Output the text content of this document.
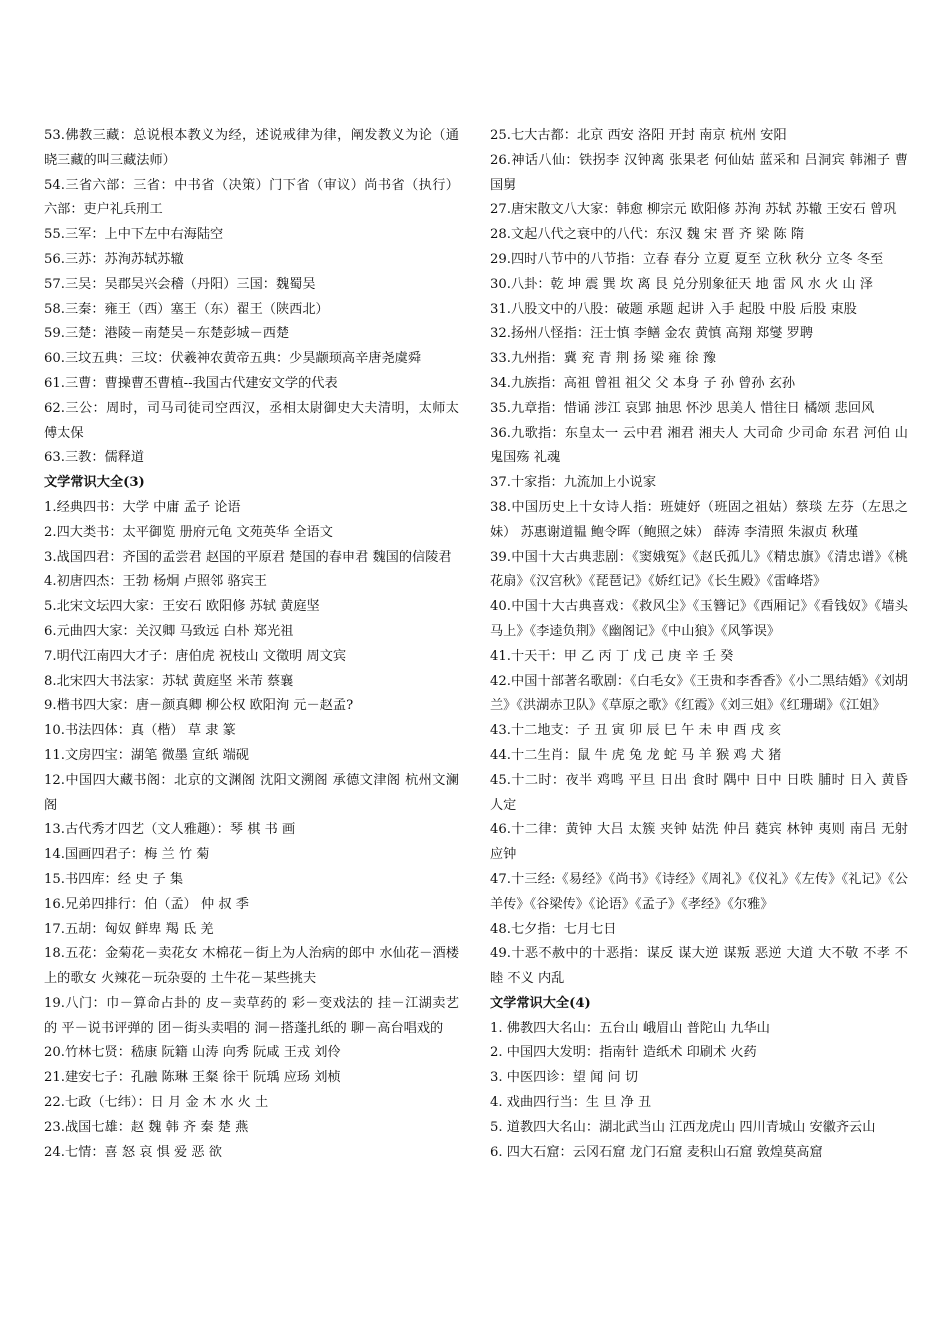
53.佛教三藏：总说根本教义为经，述说戒律为律，阐发教义为论（通晓三藏的叫三藏法师）

54.三省六部：三省：中书省（决策）门下省（审议）尚书省（执行）六部：吏户礼兵刑工

55.三军：上中下左中右海陆空

56.三苏：苏洵苏轼苏辙

57.三吴：吴郡吴兴会稽（丹阳）三国：魏蜀吴

58.三秦：雍王（西）塞王（东）翟王（陕西北）

59.三楚：港陵－南楚吴－东楚彭城－西楚

60.三坟五典：三坟：伏羲神农黄帝五典：少昊颛顼高辛唐尧虞舜

61.三曹：曹操曹丕曹植--我国古代建安文学的代表

62.三公：周时，司马司徒司空西汉，丞相太尉御史大夫清明，太师太傅太保

63.三教：儒释道

文学常识大全(3)

1.经典四书：大学 中庸 孟子 论语

2.四大类书：太平御览 册府元龟 文苑英华 全语文

3.战国四君：齐国的孟尝君 赵国的平原君 楚国的春申君 魏国的信陵君

4.初唐四杰：王勃 杨炯 卢照邻 骆宾王

5.北宋文坛四大家：王安石 欧阳修 苏轼 黄庭坚

6.元曲四大家：关汉卿 马致远 白朴 郑光祖

7.明代江南四大才子：唐伯虎 祝枝山 文徵明 周文宾

8.北宋四大书法家：苏轼 黄庭坚 米芾 蔡襄

9.楷书四大家：唐－颜真卿 柳公权 欧阳洵 元－赵孟?

10.书法四体：真（楷） 草 隶 篆

11.文房四宝：湖笔 微墨 宣纸 端砚

12.中国四大藏书阁：北京的文渊阁 沈阳文溯阁 承德文津阁 杭州文澜阁

13.古代秀才四艺（文人雅趣）：琴 棋 书 画

14.国画四君子：梅 兰 竹 菊

15.书四库：经 史 子 集

16.兄弟四排行：伯（孟） 仲 叔 季

17.五胡：匈奴 鲜卑 羯 氐 羌

18.五花：金菊花－卖花女 木棉花－街上为人治病的郎中 水仙花－酒楼上的歌女 火辣花－玩杂耍的 土牛花－某些挑夫

19.八门：巾－算命占卦的 皮－卖草药的 彩－变戏法的 挂－江湖卖艺的 平－说书评弹的 团－街头卖唱的 洞－搭蓬扎纸的 聊－高台唱戏的

20.竹林七贤：嵇康 阮籍 山涛 向秀 阮咸 王戎 刘伶

21.建安七子：孔融 陈琳 王粲 徐干 阮瑀 应玚 刘桢

22.七政（七纬）：日 月 金 木 水 火 土

23.战国七雄：赵 魏 韩 齐 秦 楚 燕

24.七情：喜 怒 哀 惧 爱 恶 欲

25.七大古都：北京 西安 洛阳 开封 南京 杭州 安阳

26.神话八仙：铁拐李 汉钟离 张果老 何仙姑 蓝采和 吕洞宾 韩湘子 曹国舅

27.唐宋散文八大家：韩愈 柳宗元 欧阳修 苏洵 苏轼 苏辙 王安石 曾巩

28.文起八代之衰中的八代：东汉 魏 宋 晋 齐 梁 陈 隋

29.四时八节中的八节指：立春 春分 立夏 夏至 立秋 秋分 立冬 冬至

30.八卦：乾 坤 震 巽 坎 离 艮 兑分别象征天 地 雷 风 水 火 山 泽

31.八股文中的八股：破题 承题 起讲 入手 起股 中股 后股 束股

32.扬州八怪指：汪士慎 李鳝 金农 黄慎 高翔 郑燮 罗聘

33.九州指：冀 兖 青 荆 扬 梁 雍 徐 豫

34.九族指：高祖 曾祖 祖父 父 本身 子 孙 曾孙 玄孙

35.九章指：惜诵 涉江 哀郢 抽思 怀沙 思美人 惜往日 橘颂 悲回风

36.九歌指：东皇太一 云中君 湘君 湘夫人 大司命 少司命 东君 河伯 山鬼国殇 礼魂

37.十家指：九流加上小说家

38.中国历史上十女诗人指：班婕妤（班固之祖姑）蔡琰 左芬（左思之妹） 苏惠谢道韫 鲍令晖（鲍照之妹） 薛涛 李清照 朱淑贞 秋瑾

39.中国十大古典悲剧：《窦娥冤》《赵氏孤儿》《精忠旗》《清忠谱》《桃花扇》《汉宫秋》《琵琶记》《娇红记》《长生殿》《雷峰塔》

40.中国十大古典喜戏：《救风尘》《玉簪记》《西厢记》《看钱奴》《墙头马上》《李逵负荆》《幽阁记》《中山狼》《风筝误》

41.十天干：甲 乙 丙 丁 戊 己 庚 辛 壬 癸

42.中国十部著名歌剧：《白毛女》《王贵和李香香》《小二黑结婚》《刘胡兰》《洪湖赤卫队》《草原之歌》《红霞》《刘三姐》《红珊瑚》《江姐》

43.十二地支：子 丑 寅 卯 辰 巳 午 未 申 酉 戌 亥

44.十二生肖：鼠 牛 虎 兔 龙 蛇 马 羊 猴 鸡 犬 猪

45.十二时：夜半 鸡鸣 平旦 日出 食时 隅中 日中 日昳 脯时 日入 黄昏 人定

46.十二律：黄钟 大吕 太簇 夹钟 姑洗 仲吕 蕤宾 林钟 夷则 南吕 无射 应钟

47.十三经:《易经》《尚书》《诗经》《周礼》《仪礼》《左传》《礼记》《公羊传》《谷梁传》《论语》《孟子》《孝经》《尔雅》

48.七夕指：七月七日

49.十恶不赦中的十恶指：谋反 谋大逆 谋叛 恶逆 大道 大不敬 不孝 不睦 不义 内乱

文学常识大全(4)

1. 佛教四大名山：五台山 峨眉山 普陀山 九华山

2. 中国四大发明：指南针 造纸术 印刷术 火药

3. 中医四诊：望 闻 问 切

4. 戏曲四行当：生 旦 净 丑

5. 道教四大名山：湖北武当山 江西龙虎山 四川青城山 安徽齐云山

6. 四大石窟：云冈石窟 龙门石窟 麦积山石窟 敦煌莫高窟
